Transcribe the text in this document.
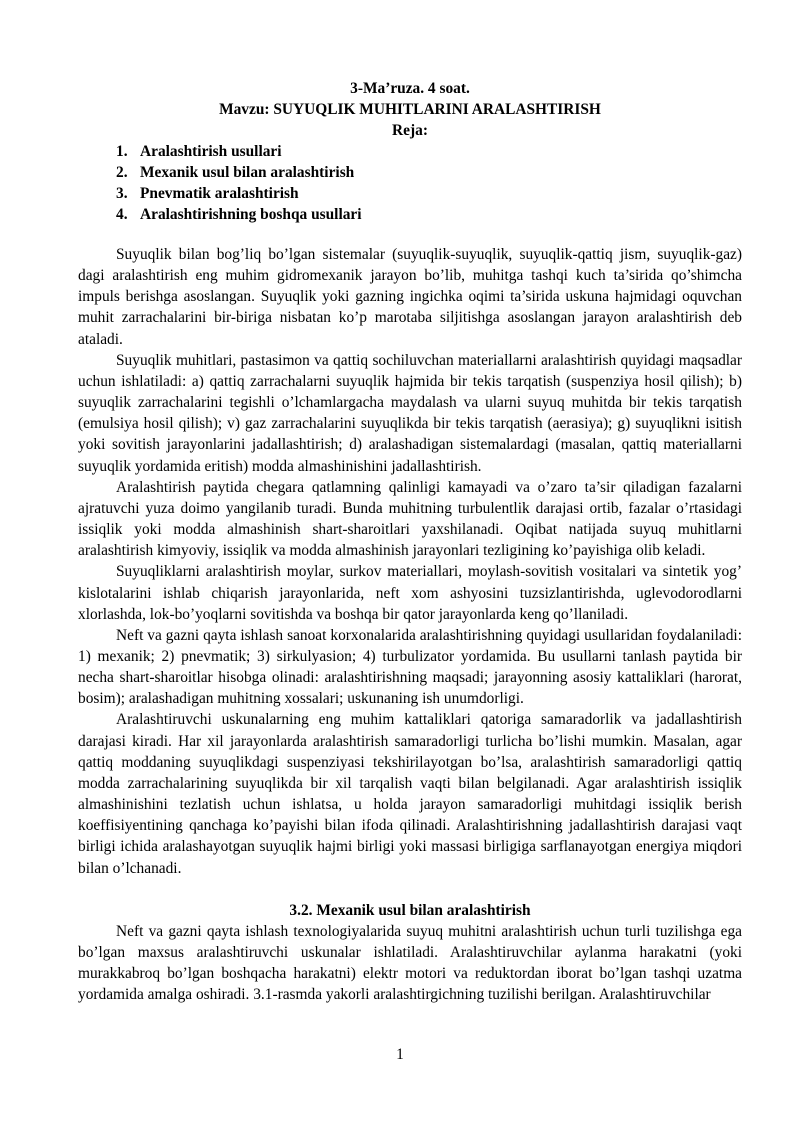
3-Ma’ruza. 4 soat.
Mavzu: SUYUQLIK MUHITLARINI ARALASHTIRISH
Reja:
1. Aralashtirish usullari
2. Mexanik usul bilan aralashtirish
3. Pnevmatik aralashtirish
4. Aralashtirishning boshqa usullari

Suyuqlik bilan bog’liq bo’lgan sistemalar (suyuqlik-suyuqlik, suyuqlik-qattiq jism, suyuqlik-gaz) dagi aralashtirish eng muhim gidromexanik jarayon bo’lib, muhitga tashqi kuch ta’sirida qo’shimcha impuls berishga asoslangan. Suyuqlik yoki gazning ingichka oqimi ta’sirida uskuna hajmidagi oquvchan muhit zarrachalarini bir-biriga nisbatan ko’p marotaba siljitishga asoslangan jarayon aralashtirish deb ataladi.

Suyuqlik muhitlari, pastasimon va qattiq sochiluvchan materiallarni aralashtirish quyidagi maqsadlar uchun ishlatiladi: a) qattiq zarrachalarni suyuqlik hajmida bir tekis tarqatish (suspenziya hosil qilish); b) suyuqlik zarrachalarini tegishli o’lchamlargacha maydalash va ularni suyuq muhitda bir tekis tarqatish (emulsiya hosil qilish); v) gaz zarrachalarini suyuqlikda bir tekis tarqatish (aerasiya); g) suyuqlikni isitish yoki sovitish jarayonlarini jadallashtirish; d) aralashadigan sistemalardagi (masalan, qattiq materiallarni suyuqlik yordamida eritish) modda almashinishini jadallashtirish.

Aralashtirish paytida chegara qatlamning qalinligi kamayadi va o’zaro ta’sir qiladigan fazalarni ajratuvchi yuza doimo yangilanib turadi. Bunda muhitning turbulentlik darajasi ortib, fazalar o’rtasidagi issiqlik yoki modda almashinish shart-sharoitlari yaxshilanadi. Oqibat natijada suyuq muhitlarni aralashtirish kimyoviy, issiqlik va modda almashinish jarayonlari tezligining ko’payishiga olib keladi.

Suyuqliklarni aralashtirish moylar, surkov materiallari, moylash-sovitish vositalari va sintetik yog’ kislotalarini ishlab chiqarish jarayonlarida, neft xom ashyosini tuzsizlantirishda, uglevodorodlarni xlorlashda, lok-bo’yoqlarni sovitishda va boshqa bir qator jarayonlarda keng qo’llaniladi.

Neft va gazni qayta ishlash sanoat korxonalarida aralashtirishning quyidagi usullaridan foydalaniladi: 1) mexanik; 2) pnevmatik; 3) sirkulyasion; 4) turbulizator yordamida. Bu usullarni tanlash paytida bir necha shart-sharoitlar hisobga olinadi: aralashtirishning maqsadi; jarayonning asosiy kattaliklari (harorat, bosim); aralashadigan muhitning xossalari; uskunaning ish unumdorligi.

Aralashtiruvchi uskunalarning eng muhim kattaliklari qatoriga samaradorlik va jadallashtirish darajasi kiradi. Har xil jarayonlarda aralashtirish samaradorligi turlicha bo’lishi mumkin. Masalan, agar qattiq moddaning suyuqlikdagi suspenziyasi tekshirilayotgan bo’lsa, aralashtirish samaradorligi qattiq modda zarrachalarining suyuqlikda bir xil tarqalish vaqti bilan belgilanadi. Agar aralashtirish issiqlik almashinishini tezlatish uchun ishlatsa, u holda jarayon samaradorligi muhitdagi issiqlik berish koeffisiyentining qanchaga ko’payishi bilan ifoda qilinadi. Aralashtirishning jadallashtirish darajasi vaqt birligi ichida aralashayotgan suyuqlik hajmi birligi yoki massasi birligiga sarflanayotgan energiya miqdori bilan o’lchanadi.

3.2. Mexanik usul bilan aralashtirish

Neft va gazni qayta ishlash texnologiyalarida suyuq muhitni aralashtirish uchun turli tuzilishga ega bo’lgan maxsus aralashtiruvchi uskunalar ishlatiladi. Aralashtiruvchilar aylanma harakatni (yoki murakkabroq bo’lgan boshqacha harakatni) elektr motori va reduktordan iborat bo’lgan tashqi uzatma yordamida amalga oshiradi. 3.1-rasmda yakorli aralashtirgichning tuzilishi berilgan. Aralashtiruvchilar

1
